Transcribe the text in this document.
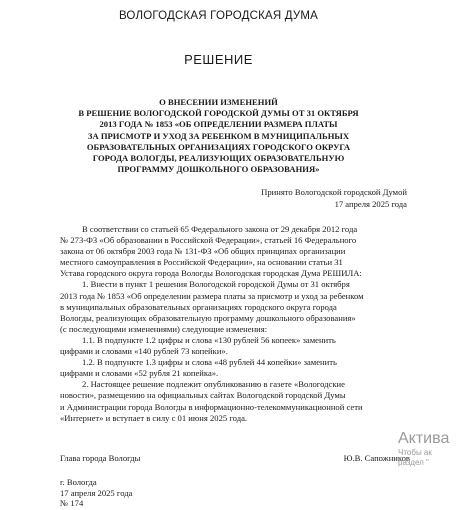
ВОЛОГОДСКАЯ ГОРОДСКАЯ ДУМА
РЕШЕНИЕ
О ВНЕСЕНИИ ИЗМЕНЕНИЙ
В РЕШЕНИЕ ВОЛОГОДСКОЙ ГОРОДСКОЙ ДУМЫ ОТ 31 ОКТЯБРЯ
2013 ГОДА № 1853 «ОБ ОПРЕДЕЛЕНИИ РАЗМЕРА ПЛАТЫ
ЗА ПРИСМОТР И УХОД ЗА РЕБЕНКОМ В МУНИЦИПАЛЬНЫХ
ОБРАЗОВАТЕЛЬНЫХ ОРГАНИЗАЦИЯХ ГОРОДСКОГО ОКРУГА
ГОРОДА ВОЛОГДЫ, РЕАЛИЗУЮЩИХ ОБРАЗОВАТЕЛЬНУЮ
ПРОГРАММУ ДОШКОЛЬНОГО ОБРАЗОВАНИЯ»
Принято Вологодской городской Думой
17 апреля 2025 года
В соответствии со статьей 65 Федерального закона от 29 декабря 2012 года
№ 273-ФЗ «Об образовании в Российской Федерации», статьей 16 Федерального
закона от 06 октября 2003 года № 131-ФЗ «Об общих принципах организации
местного самоуправления в Российской Федерации», на основании статьи 31
Устава городского округа города Вологды Вологодская городская Дума РЕШИЛА:
1. Внести в пункт 1 решения Вологодской городской Думы от 31 октября
2013 года № 1853 «Об определении размера платы за присмотр и уход за ребенком
в муниципальных образовательных организациях городского округа города
Вологды, реализующих образовательную программу дошкольного образования»
(с последующими изменениями) следующие изменения:
1.1. В подпункте 1.2 цифры и слова «130 рублей 56 копеек» заменить
цифрами и словами «140 рублей 73 копейки».
1.2. В подпункте 1.3 цифры и слова «48 рублей 44 копейки» заменить
цифрами и словами «52 рубля 21 копейка».
2. Настоящее решение подлежит опубликованию в газете «Вологодские
новости», размещению на официальных сайтах Вологодской городской Думы
и Администрации города Вологды в информационно-телекоммуникационной сети
«Интернет» и вступает в силу с 01 июня 2025 года.
Глава города Вологды	Ю.В. Сапожников
г. Вологда
17 апреля 2025 года
№ 174
Актива
Чтобы ак
раздел "
